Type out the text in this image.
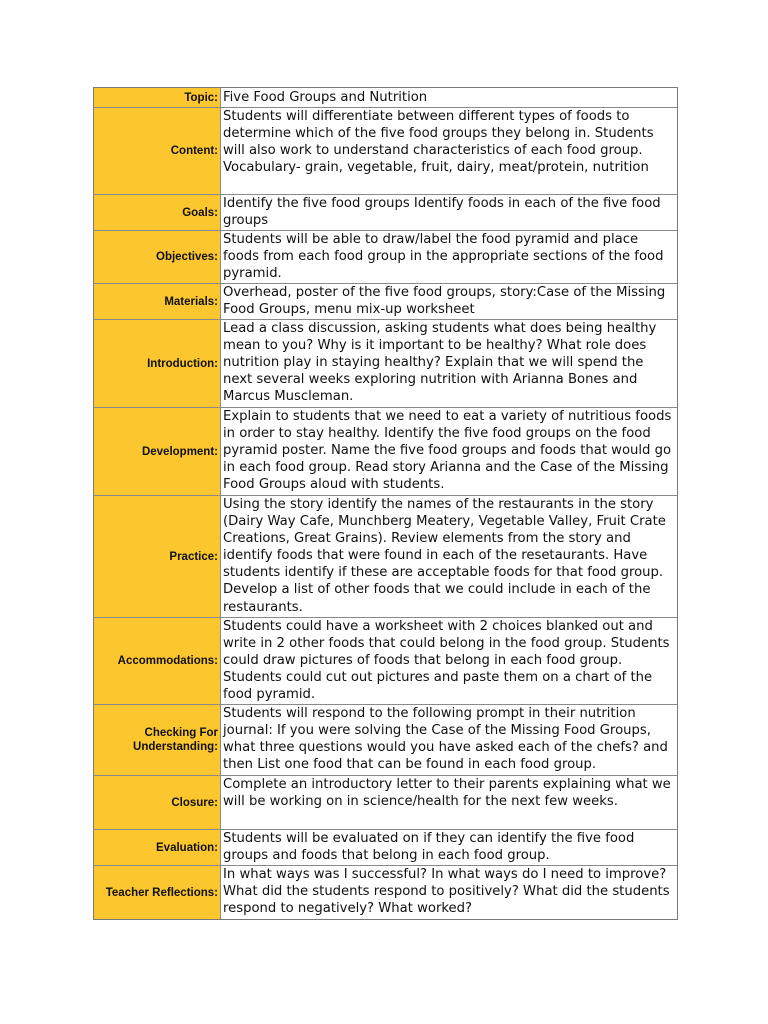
Topic: Five Food Groups and Nutrition
Content:
Students will differentiate between different types of foods to determine which of the five food groups they belong in. Students will also work to understand characteristics of each food group. Vocabulary- grain, vegetable, fruit, dairy, meat/protein, nutrition
Goals:
Identify the five food groups Identify foods in each of the five food groups
Objectives:
Students will be able to draw/label the food pyramid and place foods from each food group in the appropriate sections of the food pyramid.
Materials:
Overhead, poster of the five food groups, story:Case of the Missing Food Groups, menu mix-up worksheet
Introduction:
Lead a class discussion, asking students what does being healthy mean to you? Why is it important to be healthy? What role does nutrition play in staying healthy? Explain that we will spend the next several weeks exploring nutrition with Arianna Bones and Marcus Muscleman.
Development:
Explain to students that we need to eat a variety of nutritious foods in order to stay healthy. Identify the five food groups on the food pyramid poster. Name the five food groups and foods that would go in each food group. Read story Arianna and the Case of the Missing Food Groups aloud with students.
Practice:
Using the story identify the names of the restaurants in the story (Dairy Way Cafe, Munchberg Meatery, Vegetable Valley, Fruit Crate Creations, Great Grains). Review elements from the story and identify foods that were found in each of the resetaurants. Have students identify if these are acceptable foods for that food group. Develop a list of other foods that we could include in each of the restaurants.
Accommodations:
Students could have a worksheet with 2 choices blanked out and write in 2 other foods that could belong in the food group. Students could draw pictures of foods that belong in each food group. Students could cut out pictures and paste them on a chart of the food pyramid.
Checking For Understanding:
Students will respond to the following prompt in their nutrition journal: If you were solving the Case of the Missing Food Groups, what three questions would you have asked each of the chefs? and then List one food that can be found in each food group.
Closure:
Complete an introductory letter to their parents explaining what we will be working on in science/health for the next few weeks.
Evaluation:
Students will be evaluated on if they can identify the five food groups and foods that belong in each food group.
Teacher Reflections:
In what ways was I successful? In what ways do I need to improve? What did the students respond to positively? What did the students respond to negatively? What worked?
